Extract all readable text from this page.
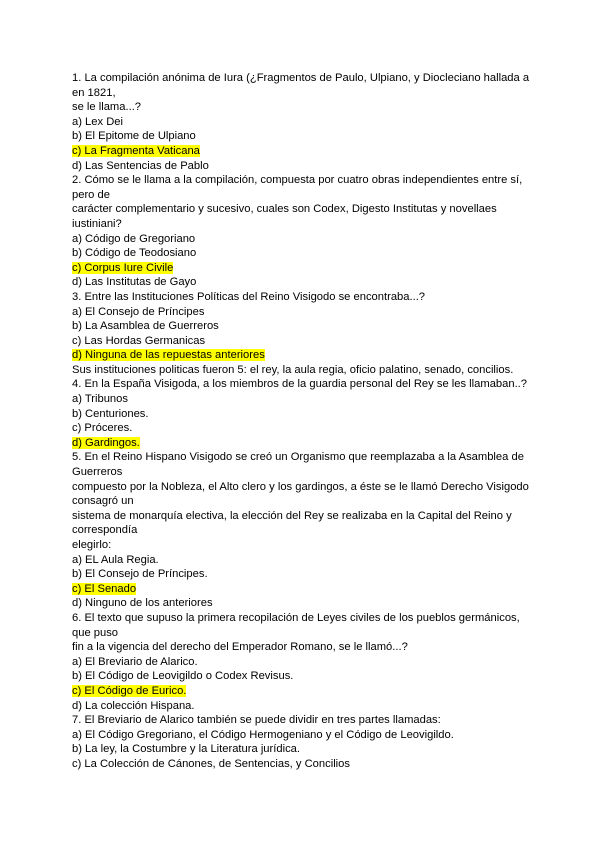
1. La compilación anónima de Iura (¿Fragmentos de Paulo, Ulpiano, y Diocleciano hallada a
en 1821,
se le llama...?
a) Lex Dei
b) El Epitome de Ulpiano
c) La Fragmenta Vaticana
d) Las Sentencias de Pablo
2. Cómo se le llama a la compilación, compuesta por cuatro obras independientes entre sí,
pero de
carácter complementario y sucesivo, cuales son Codex, Digesto Institutas y novellaes
iustiniani?
a) Código de Gregoriano
b) Código de Teodosiano
c) Corpus Iure Civile
d) Las Institutas de Gayo
3. Entre las Instituciones Políticas del Reino Visigodo se encontraba...?
a) El Consejo de Príncipes
b) La Asamblea de Guerreros
c) Las Hordas Germanicas
d) Ninguna de las repuestas anteriores
Sus instituciones politicas fueron 5: el rey, la aula regia, oficio palatino, senado, concilios.
4. En la España Visigoda, a los miembros de la guardia personal del Rey se les llamaban..?
a) Tribunos
b) Centuriones.
c) Próceres.
d) Gardingos.
5. En el Reino Hispano Visigodo se creó un Organismo que reemplazaba a la Asamblea de
Guerreros
compuesto por la Nobleza, el Alto clero y los gardingos, a éste se le llamó Derecho Visigodo
consagró un
sistema de monarquía electiva, la elección del Rey se realizaba en la Capital del Reino y
correspondía
elegirlo:
a) EL Aula Regia.
b) El Consejo de Príncipes.
c) El Senado
d) Ninguno de los anteriores
6. El texto que supuso la primera recopilación de Leyes civiles de los pueblos germánicos,
que puso
fin a la vigencia del derecho del Emperador Romano, se le llamó...?
a) El Breviario de Alarico.
b) El Código de Leovigildo o Codex Revisus.
c) El Código de Eurico.
d) La colección Hispana.
7. El Breviario de Alarico también se puede dividir en tres partes llamadas:
a) El Código Gregoriano, el Código Hermogeniano y el Código de Leovigildo.
b) La ley, la Costumbre y la Literatura jurídica.
c) La Colección de Cánones, de Sentencias, y Concilios
